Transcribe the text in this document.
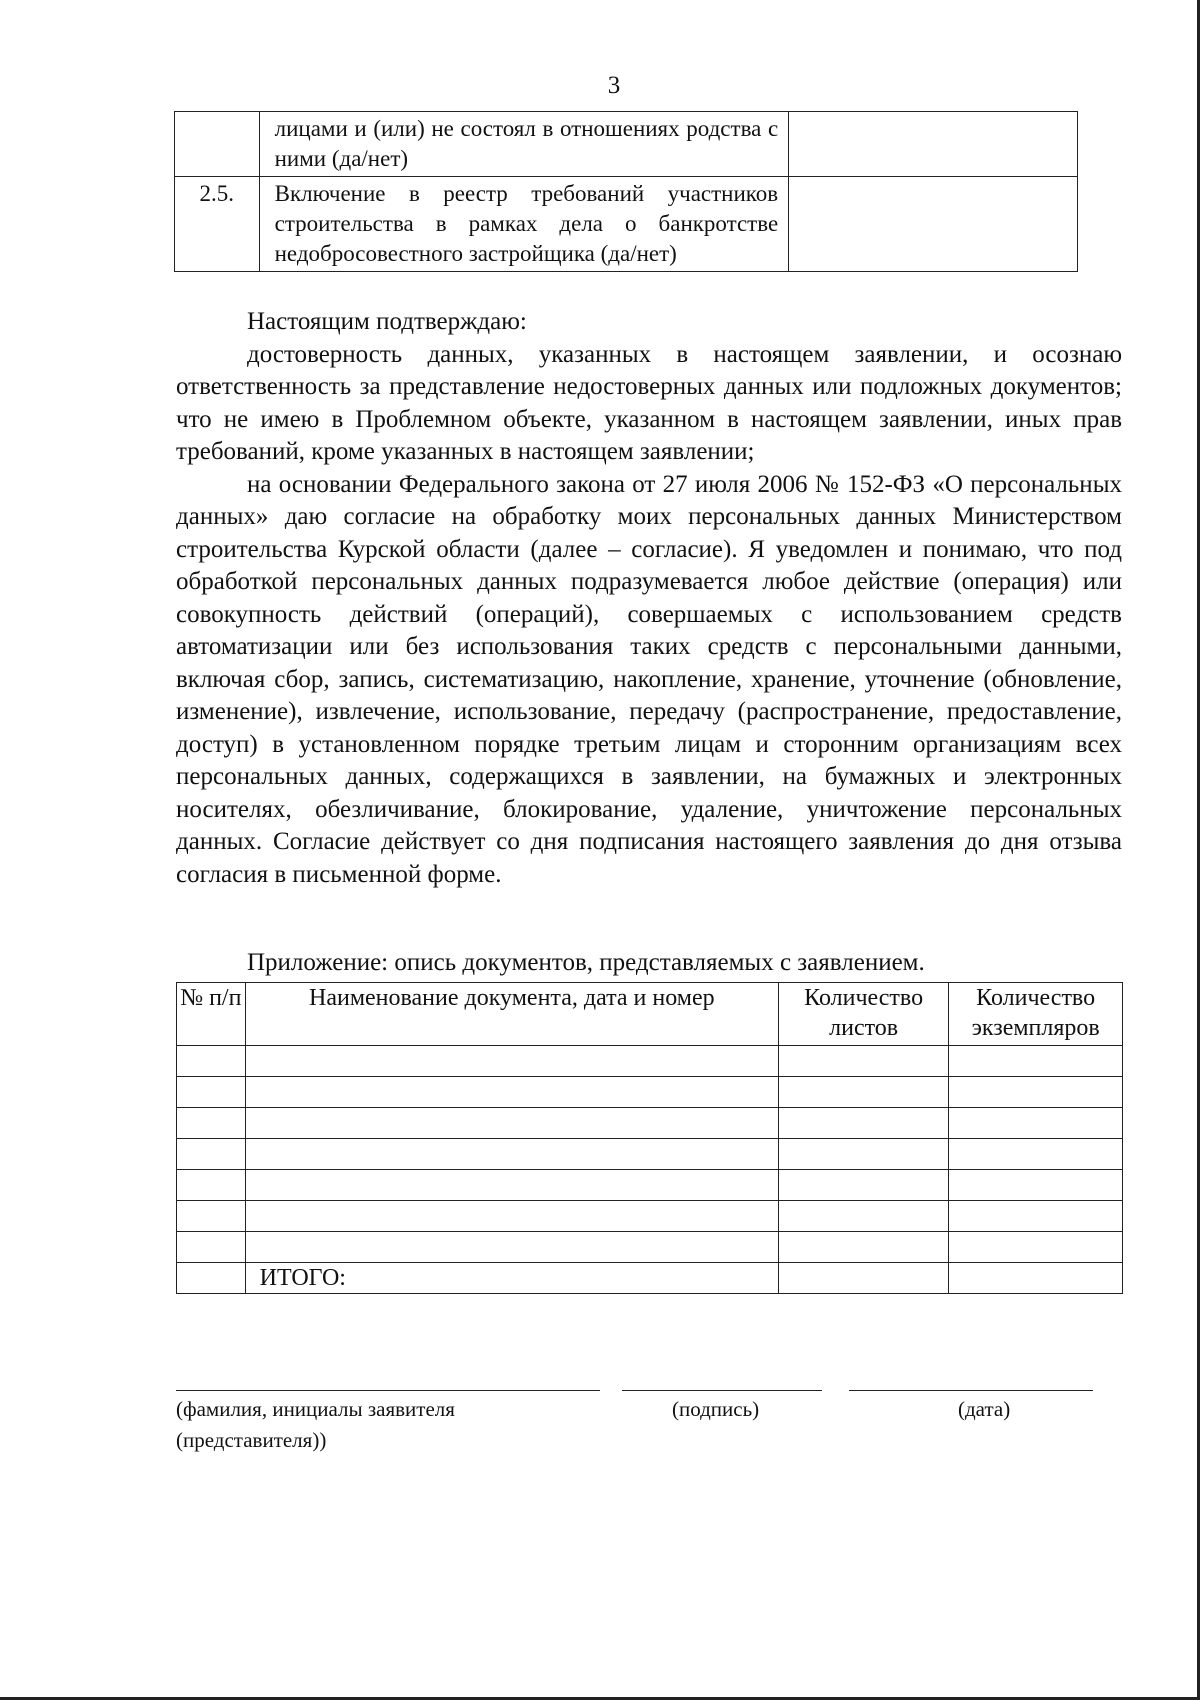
3
	лицами и (или) не состоял в отношениях родства с ними (да/нет)	
2.5.	Включение в реестр требований участников строительства в рамках дела о банкротстве недобросовестного застройщика (да/нет)	

Настоящим подтверждаю:

достоверность данных, указанных в настоящем заявлении, и осознаю ответственность за представление недостоверных данных или подложных документов; что не имею в Проблемном объекте, указанном в настоящем заявлении, иных прав требований, кроме указанных в настоящем заявлении;

на основании Федерального закона от 27 июля 2006 № 152-ФЗ «О персональных данных» даю согласие на обработку моих персональных данных Министерством строительства Курской области (далее – согласие). Я уведомлен и понимаю, что под обработкой персональных данных подразумевается любое действие (операция) или совокупность действий (операций), совершаемых с использованием средств автоматизации или без использования таких средств с персональными данными, включая сбор, запись, систематизацию, накопление, хранение, уточнение (обновление, изменение), извлечение, использование, передачу (распространение, предоставление, доступ) в установленном порядке третьим лицам и сторонним организациям всех персональных данных, содержащихся в заявлении, на бумажных и электронных носителях, обезличивание, блокирование, удаление, уничтожение персональных данных. Согласие действует со дня подписания настоящего заявления до дня отзыва согласия в письменной форме.

Приложение: опись документов, представляемых с заявлением.
№ п/п	Наименование документа, дата и номер	Количество листов	Количество экземпляров

	ИТОГО:		
(фамилия, инициалы заявителя (представителя))
(подпись)	(дата)
